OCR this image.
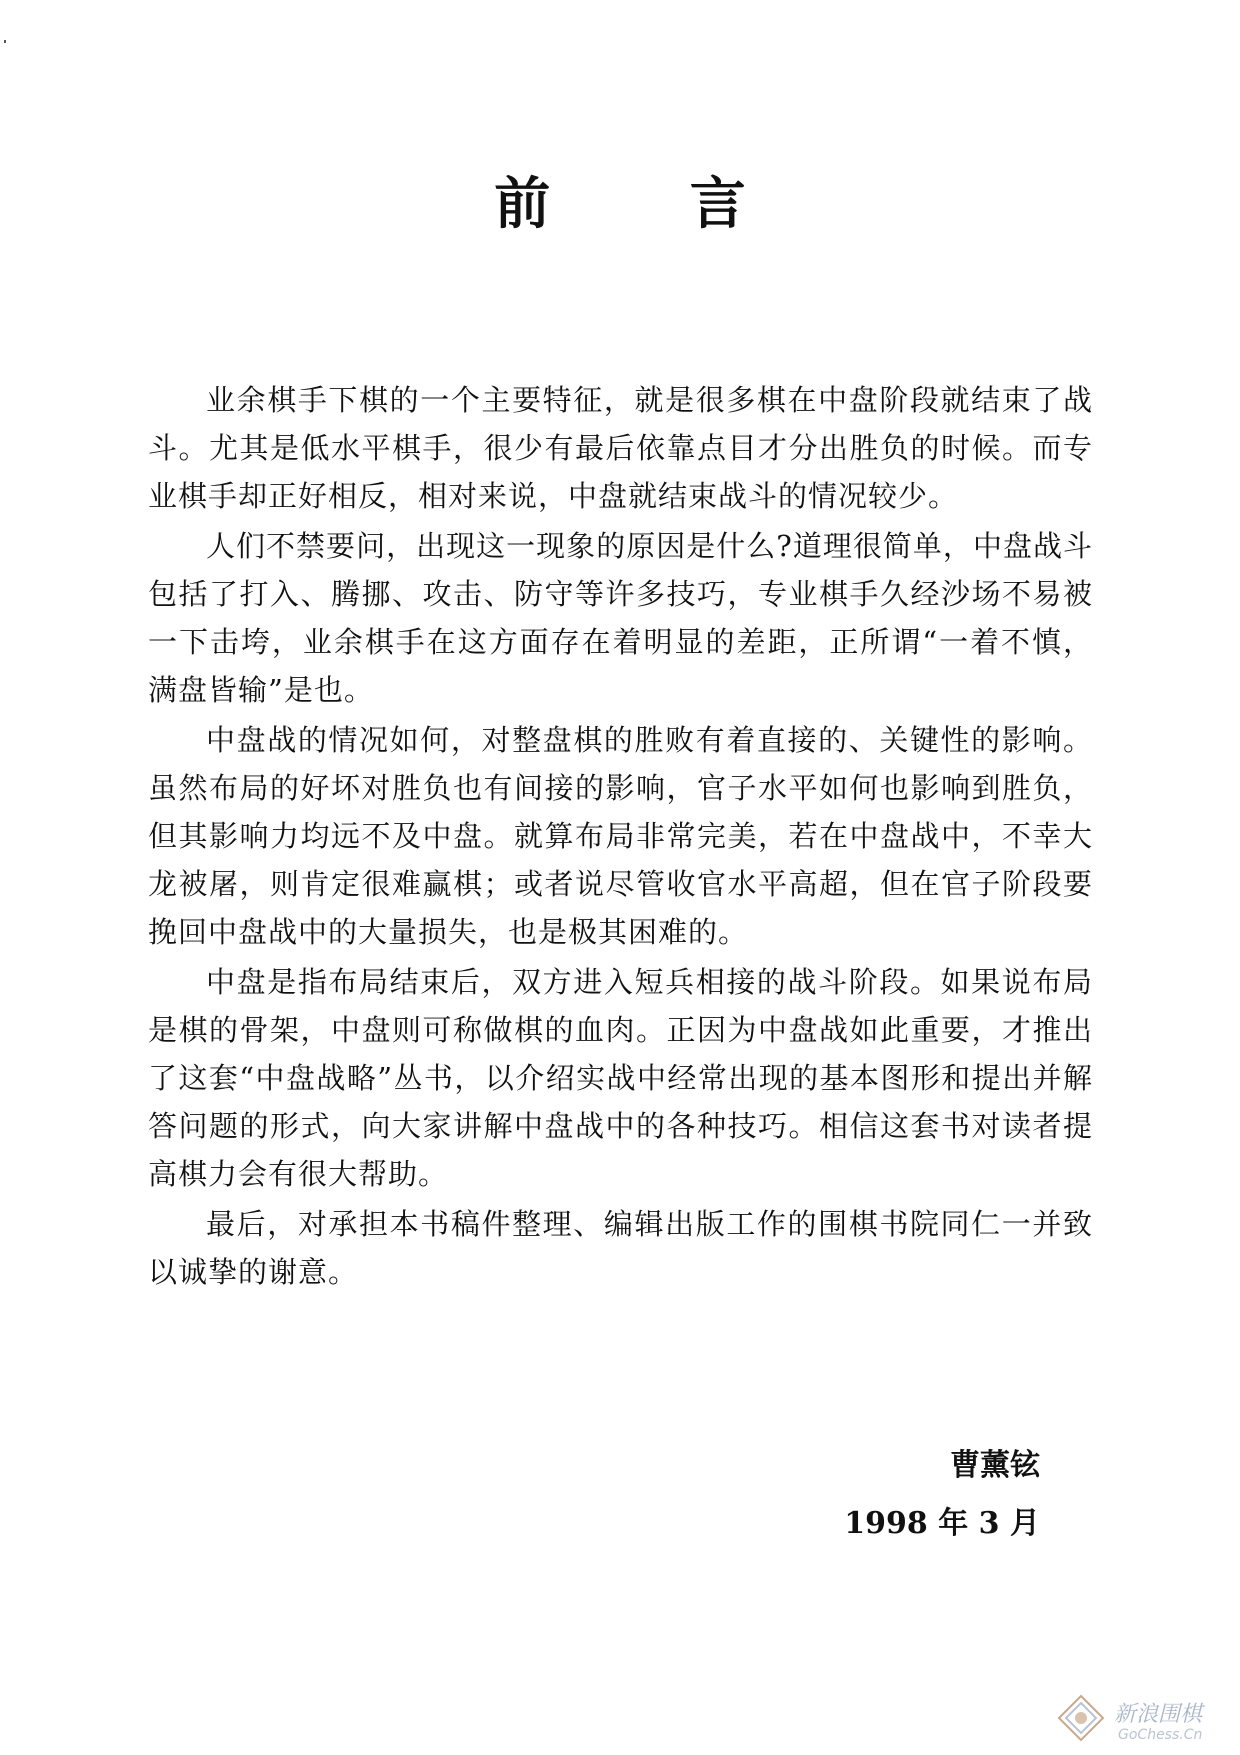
前 言

业余棋手下棋的一个主要特征，就是很多棋在中盘阶段就结束了战斗。尤其是低水平棋手，很少有最后依靠点目才分出胜负的时候。而专业棋手却正好相反，相对来说，中盘就结束战斗的情况较少。

人们不禁要问，出现这一现象的原因是什么?道理很简单，中盘战斗包括了打入、腾挪、攻击、防守等许多技巧，专业棋手久经沙场不易被一下击垮，业余棋手在这方面存在着明显的差距，正所谓“一着不慎，满盘皆输”是也。

中盘战的情况如何，对整盘棋的胜败有着直接的、关键性的影响。虽然布局的好坏对胜负也有间接的影响，官子水平如何也影响到胜负，但其影响力均远不及中盘。就算布局非常完美，若在中盘战中，不幸大龙被屠，则肯定很难赢棋；或者说尽管收官水平高超，但在官子阶段要挽回中盘战中的大量损失，也是极其困难的。

中盘是指布局结束后，双方进入短兵相接的战斗阶段。如果说布局是棋的骨架，中盘则可称做棋的血肉。正因为中盘战如此重要，才推出了这套“中盘战略”丛书，以介绍实战中经常出现的基本图形和提出并解答问题的形式，向大家讲解中盘战中的各种技巧。相信这套书对读者提高棋力会有很大帮助。

最后，对承担本书稿件整理、编辑出版工作的围棋书院同仁一并致以诚挚的谢意。

曹薰铉
1998 年 3 月
新浪围棋
GoChess.Cn
